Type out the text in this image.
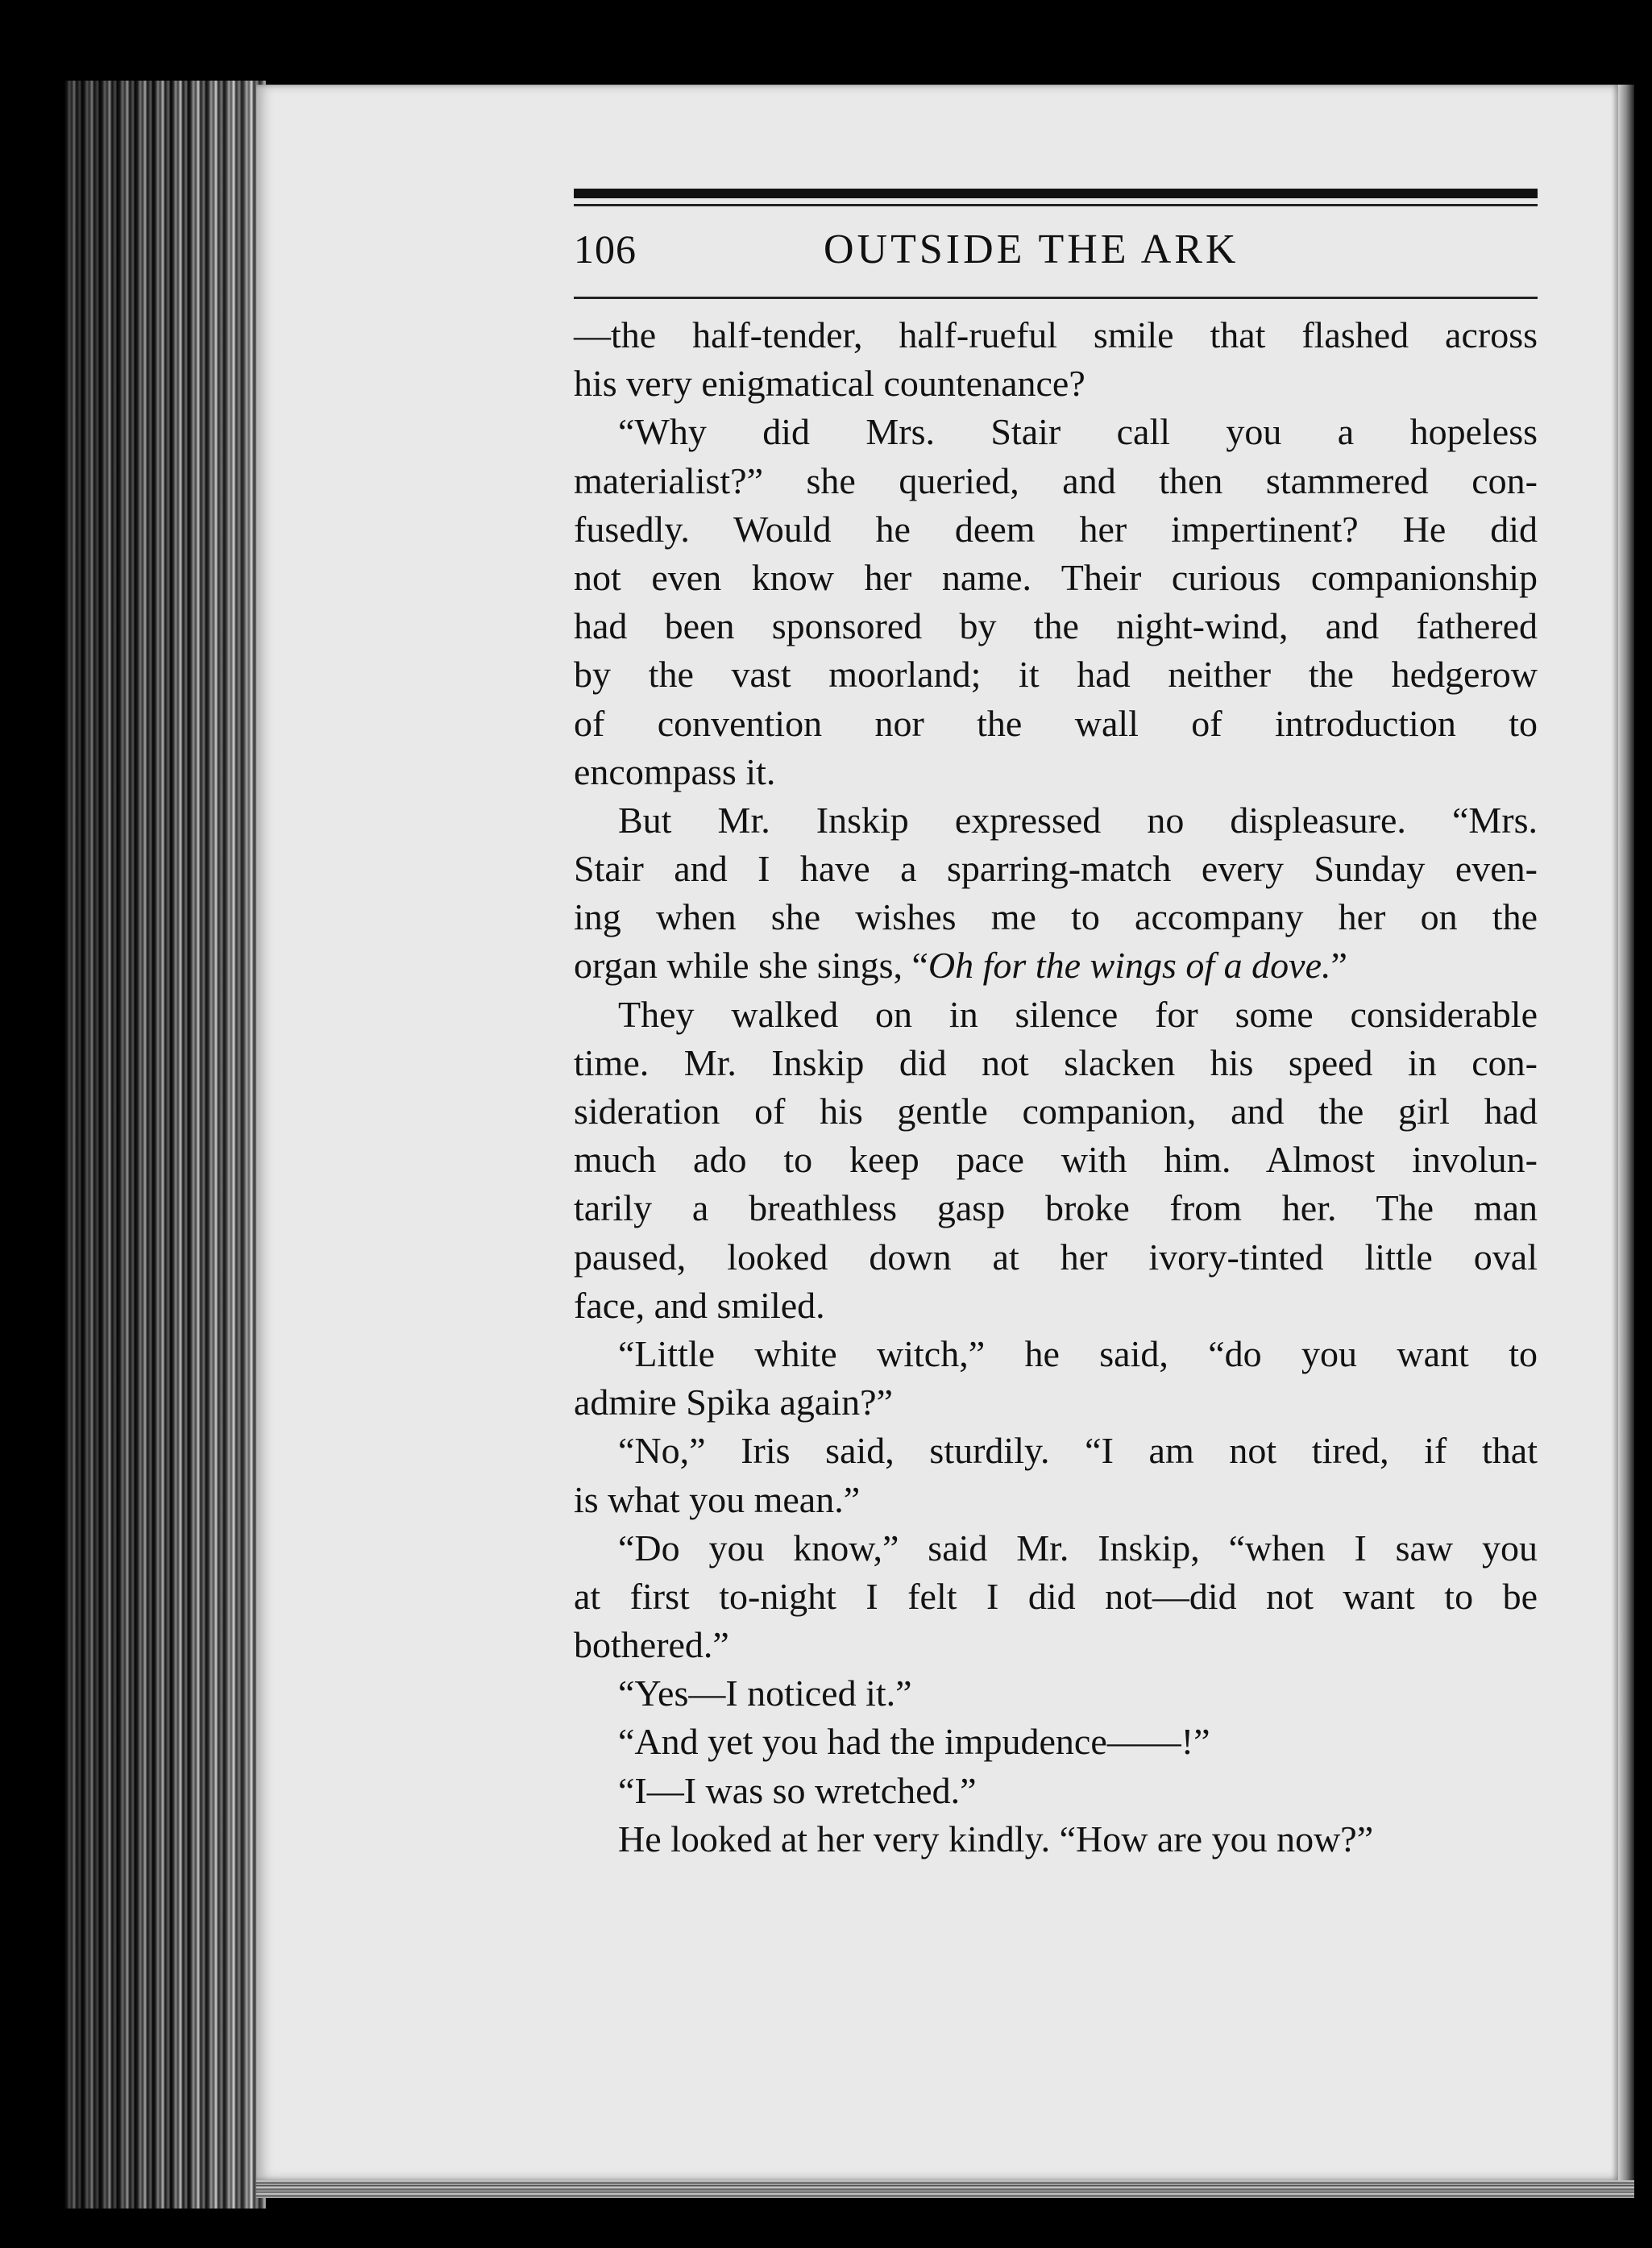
106	OUTSIDE THE ARK
—the half-tender, half-rueful smile that flashed across
his very enigmatical countenance?
“Why did Mrs. Stair call you a hopeless
materialist?” she queried, and then stammered con-
fusedly. Would he deem her impertinent? He did
not even know her name. Their curious companionship
had been sponsored by the night-wind, and fathered
by the vast moorland; it had neither the hedgerow
of convention nor the wall of introduction to
encompass it.
But Mr. Inskip expressed no displeasure. “Mrs.
Stair and I have a sparring-match every Sunday even-
ing when she wishes me to accompany her on the
organ while she sings, “Oh for the wings of a dove.”
They walked on in silence for some considerable
time. Mr. Inskip did not slacken his speed in con-
sideration of his gentle companion, and the girl had
much ado to keep pace with him. Almost involun-
tarily a breathless gasp broke from her. The man
paused, looked down at her ivory-tinted little oval
face, and smiled.
“Little white witch,” he said, “do you want to
admire Spika again?”
“No,” Iris said, sturdily. “I am not tired, if that
is what you mean.”
“Do you know,” said Mr. Inskip, “when I saw you
at first to-night I felt I did not—did not want to be
bothered.”
“Yes—I noticed it.”
“And yet you had the impudence——!”
“I—I was so wretched.”
He looked at her very kindly. “How are you now?”
